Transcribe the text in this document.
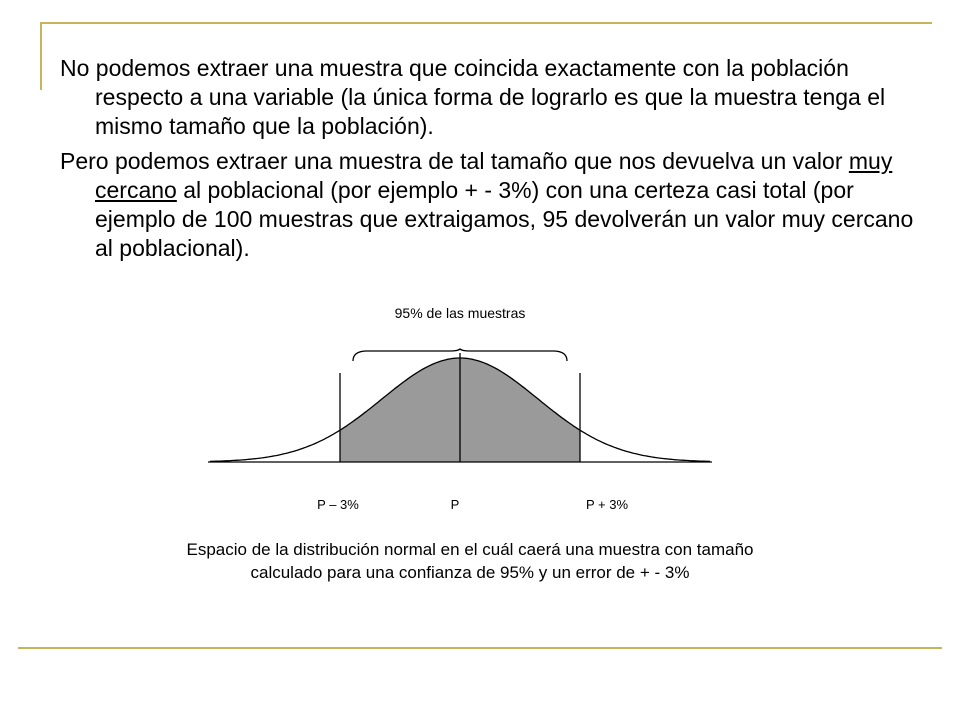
No podemos extraer una muestra que coincida exactamente con la población respecto a una variable (la única forma de lograrlo es que la muestra tenga el mismo tamaño que la población).

Pero podemos extraer una muestra de tal tamaño que nos devuelva un valor muy cercano al poblacional (por ejemplo + - 3%) con una certeza casi total (por ejemplo de 100 muestras que extraigamos, 95 devolverán un valor muy cercano al poblacional).

95% de las muestras
P – 3%	P	P + 3%
Espacio de la distribución normal en el cuál caerá una muestra con tamaño
calculado para una confianza de 95% y un error de + - 3%
